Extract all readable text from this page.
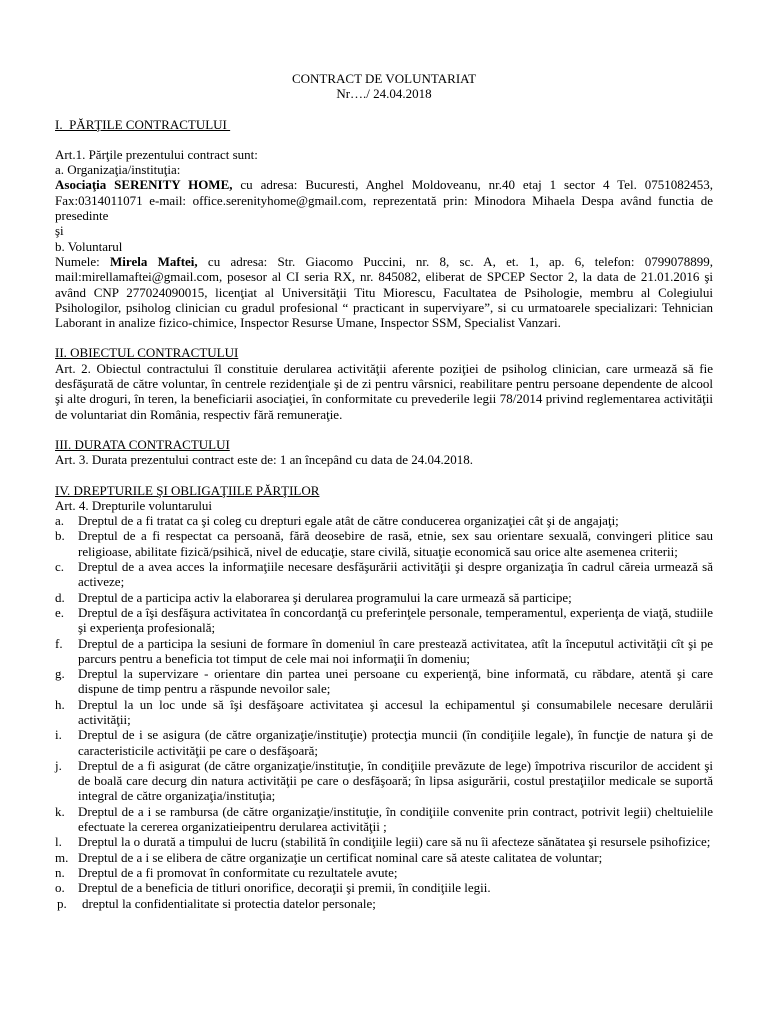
CONTRACT DE VOLUNTARIAT
Nr…./ 24.04.2018
I.  PĂRŢILE CONTRACTULUI

Art.1. Părţile prezentului contract sunt:

a. Organizaţia/instituţia:

Asociaţia SERENITY HOME, cu adresa: Bucuresti, Anghel Moldoveanu, nr.40 etaj 1 sector 4 Tel. 0751082453, Fax:0314011071 e-mail: office.serenityhome@gmail.com, reprezentată prin: Minodora Mihaela Despa având functia de presedinte

şi

b. Voluntarul

Numele: Mirela Maftei, cu adresa: Str. Giacomo Puccini, nr. 8, sc. A, et. 1, ap. 6, telefon: 0799078899, mail:mirellamaftei@gmail.com, posesor al CI seria RX, nr. 845082, eliberat de SPCEP Sector 2, la data de 21.01.2016 şi având CNP 277024090015, licenţiat al Universităţii Titu Miorescu, Facultatea de Psihologie, membru al Colegiului Psihologilor, psiholog clinician cu gradul profesional “ practicant in superviyare”, si cu urmatoarele specializari: Tehnician Laborant in analize fizico-chimice, Inspector Resurse Umane, Inspector SSM, Specialist Vanzari.

II. OBIECTUL CONTRACTULUI

Art. 2. Obiectul contractului îl constituie derularea activităţii aferente poziţiei de psiholog clinician, care urmează să fie desfăşurată de către voluntar, în centrele rezidenţiale şi de zi pentru vârsnici, reabilitare pentru persoane dependente de alcool şi alte droguri, în teren, la beneficiarii asociaţiei, în conformitate cu prevederile legii 78/2014 privind reglementarea activităţii de voluntariat din România, respectiv fără remuneraţie.

III. DURATA CONTRACTULUI

Art. 3. Durata prezentului contract este de: 1 an începând cu data de 24.04.2018.

IV. DREPTURILE ŞI OBLIGAŢIILE PĂRŢILOR

Art. 4. Drepturile voluntarului

a. Dreptul de a fi tratat ca şi coleg cu drepturi egale atât de către conducerea organizaţiei cât şi de angajaţi;
b. Dreptul de a fi respectat ca persoană, fără deosebire de rasă, etnie, sex sau orientare sexuală, convingeri plitice sau religioase, abilitate fizică/psihică, nivel de educaţie, stare civilă, situaţie economică sau orice alte asemenea criterii;
c. Dreptul de a avea acces la informaţiile necesare desfăşurării activităţii şi despre organizaţia în cadrul căreia urmează să activeze;
d. Dreptul de a participa activ la elaborarea şi derularea programului la care urmează să participe;
e. Dreptul de a îşi desfăşura activitatea în concordanţă cu preferinţele personale, temperamentul, experienţa de viaţă, studiile şi experienţa profesională;
f. Dreptul de a participa la sesiuni de formare în domeniul în care prestează activitatea, atît la începutul activităţii cît şi pe parcurs pentru a beneficia tot timput de cele mai noi informaţii în domeniu;
g. Dreptul la supervizare - orientare din partea unei persoane cu experienţă, bine informată, cu răbdare, atentă şi care dispune de timp pentru a răspunde nevoilor sale;
h. Dreptul la un loc unde să îşi desfăşoare activitatea şi accesul la echipamentul şi consumabilele necesare derulării activităţii;
i. Dreptul de i se asigura (de către organizaţie/instituţie) protecţia muncii (în condiţiile legale), în funcţie de natura şi de caracteristicile activităţii pe care o desfăşoară;
j. Dreptul de a fi asigurat (de către organizaţie/instituţie, în condiţiile prevăzute de lege) împotriva riscurilor de accident şi de boală care decurg din natura activităţii pe care o desfăşoară; în lipsa asigurării, costul prestaţiilor medicale se suportă integral de către organizaţia/instituţia;
k. Dreptul de a i se rambursa (de către organizaţie/instituţie, în condiţiile convenite prin contract, potrivit legii) cheltuielile efectuate la cererea organizatieipentru derularea activităţii ;
l. Dreptul la o durată a timpului de lucru (stabilită în condiţiile legii) care să nu îi afecteze sănătatea şi resursele psihofizice;
m. Dreptul de a i se elibera de către organizaţie un certificat nominal care să ateste calitatea de voluntar;
n. Dreptul de a fi promovat în conformitate cu rezultatele avute;
o. Dreptul de a beneficia de titluri onorifice, decoraţii şi premii, în condiţiile legii.
p. dreptul la confidentialitate si protectia datelor personale;
